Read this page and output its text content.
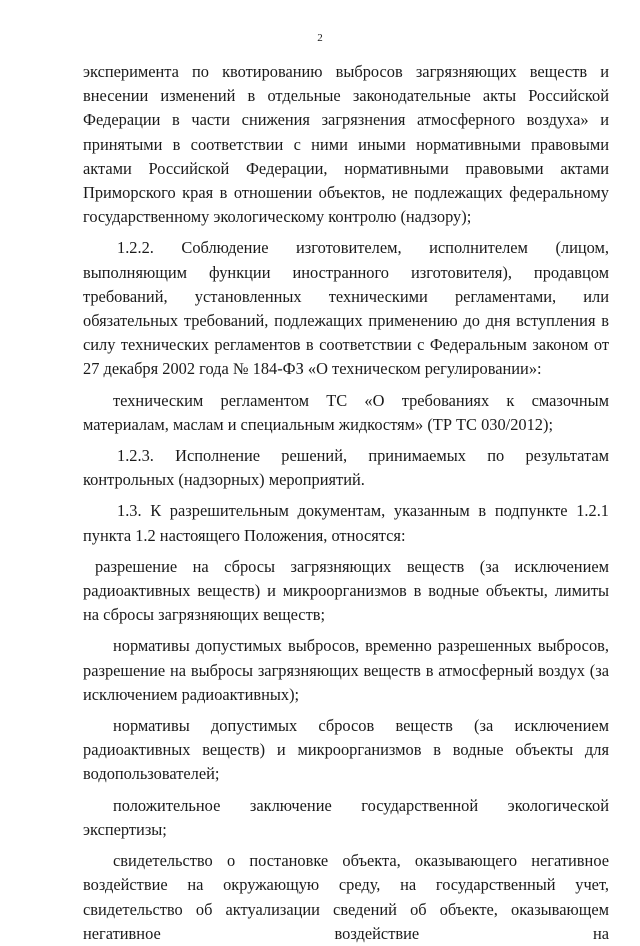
2

эксперимента по квотированию выбросов загрязняющих веществ и внесении изменений в отдельные законодательные акты Российской Федерации в части снижения загрязнения атмосферного воздуха» и принятыми в соответствии с ними иными нормативными правовыми актами Российской Федерации, нормативными правовыми актами Приморского края в отношении объектов, не подлежащих федеральному государственному экологическому контролю (надзору);

1.2.2. Соблюдение изготовителем, исполнителем (лицом, выполняющим функции иностранного изготовителя), продавцом требований, установленных техническими регламентами, или обязательных требований, подлежащих применению до дня вступления в силу технических регламентов в соответствии с Федеральным законом от 27 декабря 2002 года № 184-ФЗ «О техническом регулировании»:

техническим регламентом ТС «О требованиях к смазочным материалам, маслам и специальным жидкостям» (ТР ТС 030/2012);

1.2.3. Исполнение решений, принимаемых по результатам контрольных (надзорных) мероприятий.

1.3. К разрешительным документам, указанным в подпункте 1.2.1 пункта 1.2 настоящего Положения, относятся:

разрешение на сбросы загрязняющих веществ (за исключением радиоактивных веществ) и микроорганизмов в водные объекты, лимиты на сбросы загрязняющих веществ;

нормативы допустимых выбросов, временно разрешенных выбросов, разрешение на выбросы загрязняющих веществ в атмосферный воздух (за исключением радиоактивных);

нормативы допустимых сбросов веществ (за исключением радиоактивных веществ) и микроорганизмов в водные объекты для водопользователей;

положительное заключение государственной экологической экспертизы;

свидетельство о постановке объекта, оказывающего негативное воздействие на окружающую среду, на государственный учет, свидетельство об актуализации сведений об объекте, оказывающем негативное воздействие на
